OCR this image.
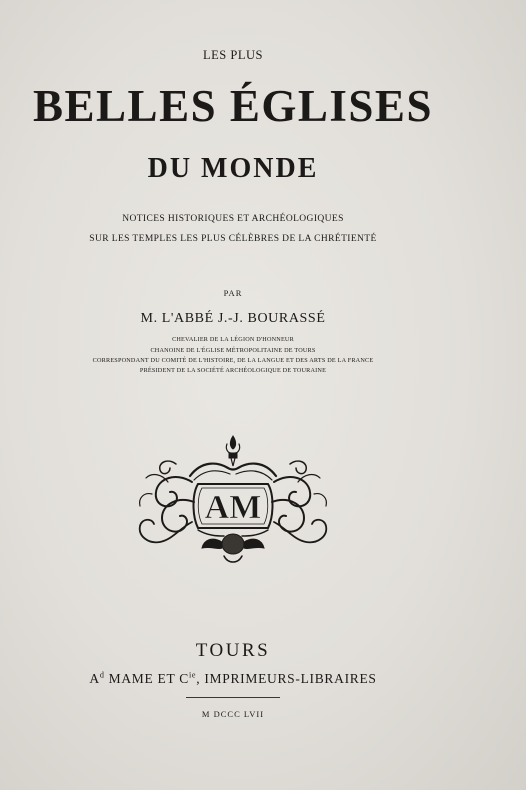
LES PLUS
BELLES ÉGLISES
DU MONDE
NOTICES HISTORIQUES ET ARCHÉOLOGIQUES
SUR LES TEMPLES LES PLUS CÉLÈBRES DE LA CHRÉTIENTÉ
PAR
M. L'ABBÉ J.-J. BOURASSÉ
CHEVALIER DE LA LÉGION D'HONNEUR
CHANOINE DE L'ÉGLISE MÉTROPOLITAINE DE TOURS
CORRESPONDANT DU COMITÉ DE L'HISTOIRE, DE LA LANGUE ET DES ARTS DE LA FRANCE
PRÉSIDENT DE LA SOCIÉTÉ ARCHÉOLOGIQUE DE TOURAINE
AM
TOURS
$A^d$ MAME ET $C^{ie}$, IMPRIMEURS-LIBRAIRES
M DCCC LVII
